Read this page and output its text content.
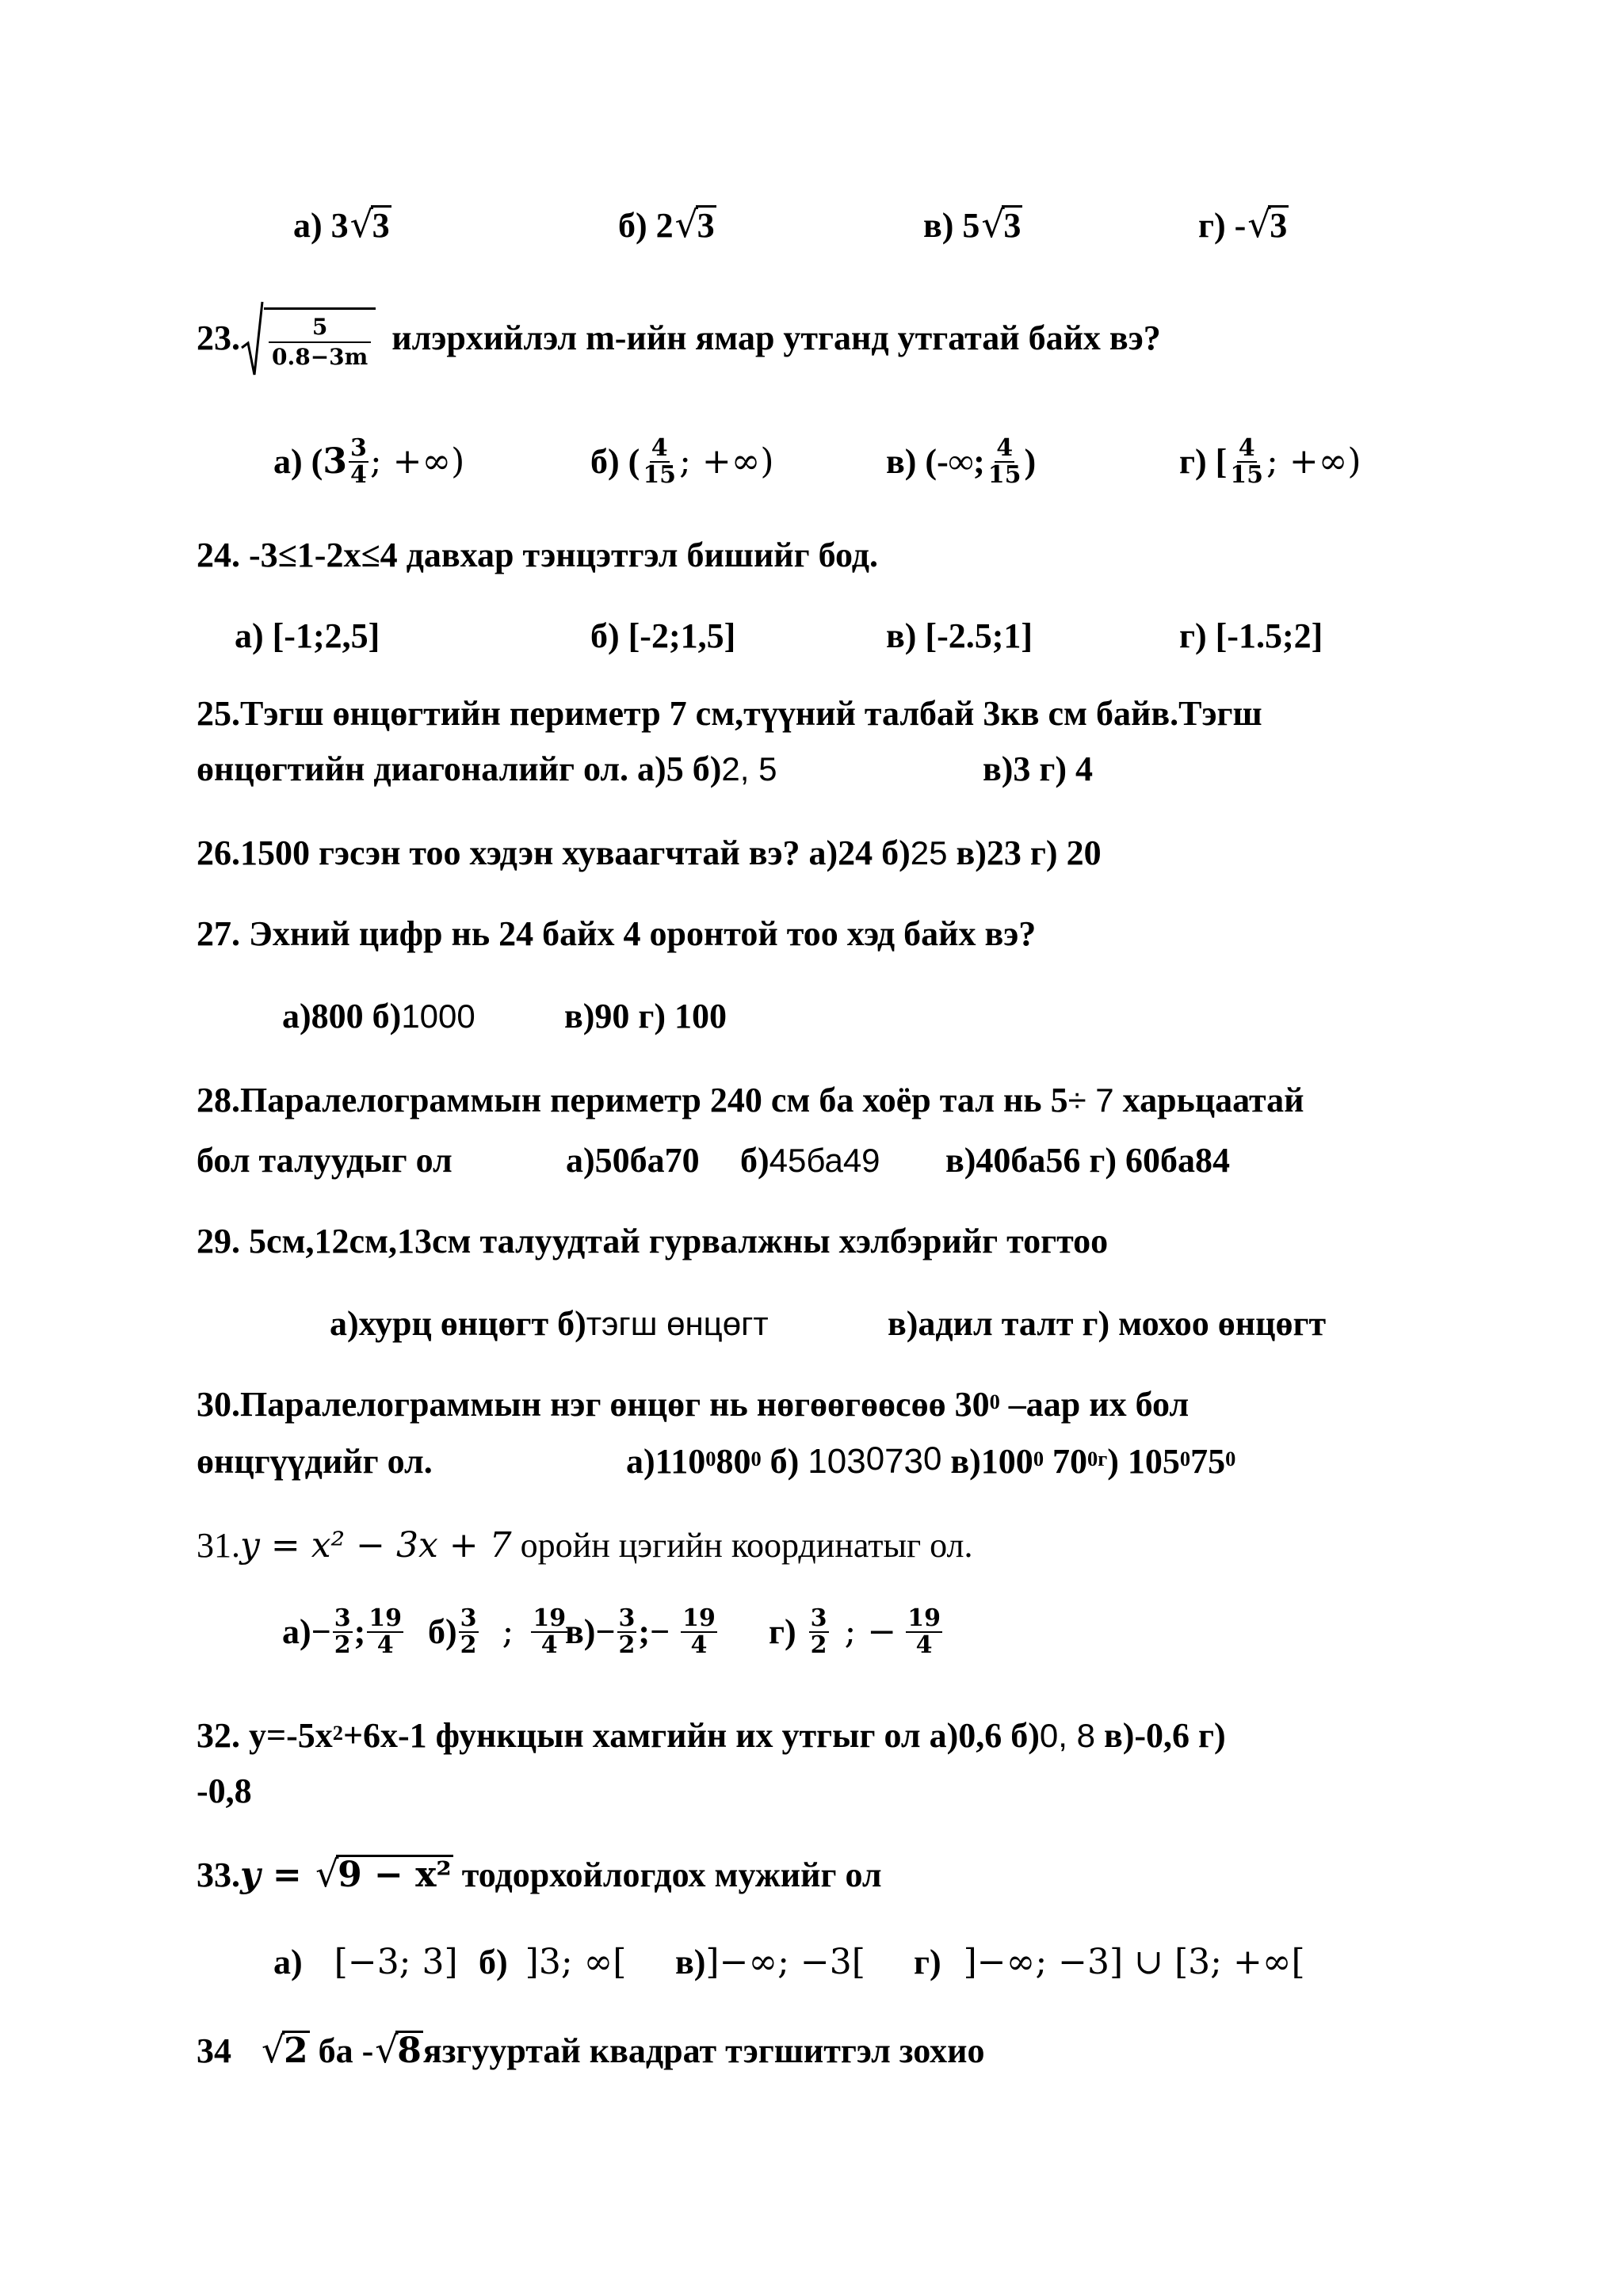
а) 3 √ 3	б) 2 √ 3	в) 5 √ 3	г) - √ 3
23.	5
0.8−3m илэрхийлэл m-ийн ямар утганд утгатай байх вэ?
а) ( $3 \frac{3}{4}$ ; +∞)	б) ( $\frac{4}{15}$ ; +∞)	в) (-∞; $\frac{4}{15}$ )	г) [ $\frac{4}{15}$ ; +∞)
24. -3≤1-2x≤4 давхар тэнцэтгэл бишийг бод.
а) [-1;2,5]	б) [-2;1,5]	в) [-2.5;1]	г) [-1.5;2]
25.Тэгш өнцөгтийн периметр 7 см,түүний талбай 3кв см байв.Тэгш
өнцөгтийн диагоналийг ол. а)5 б)2, 5	в)3 г) 4
26.1500 гэсэн тоо хэдэн хуваагчтай вэ? а)24 б)25 в)23 г) 20
27. Эхний цифр нь 24 байх 4 оронтой тоо хэд байх вэ?
а)800 б)1000	в)90 г) 100
28.Паралелограммын периметр 240 см ба хоёр тал нь 5÷ 7 харьцаатай
бол талуудыг ол	а)50ба70 б)45ба49 в)40ба56 г) 60ба84
29. 5см,12см,13см талуудтай гурвалжны хэлбэрийг тогтоо
а)хурц өнцөгт б)тэгш өнцөгт	в)адил талт г) мохоо өнцөгт
30.Паралелограммын нэг өнцөг нь нөгөөгөөсөө $30^0$ –аар их бол
өнцгүүдийг ол.	$а)110^080^0$ б) $103^073^0$ $в)100^0$ $70^{0г}$) $105^075^0$
31.y = x² − 3x + 7 оройн цэгийн координатыг ол.
$а)- \frac{3}{2}$ ; $\frac{19}{4} б) \frac{3}{2}$ ; $\frac{19}{4}$
$в)- \frac{3}{2}$ ;− $\frac{19}{4} г) \frac{3}{2}$ ; − $\frac{19}{4}$
32. $y=-5x^2+6x-1$ функцын хамгийн их утгыг ол а)0,6 б)0, 8 в)-0,6 г)
-0,8
33.y = √ 9 − x² тодорхойлогдох мужийг ол
а) [−3; 3] б) ]3; ∞[ в)]−∞; −3[ г) ]−∞; −3] ∪ [3; +∞[
34 √ 2 ба - √ 8язгууртай квадрат тэгшитгэл зохио
